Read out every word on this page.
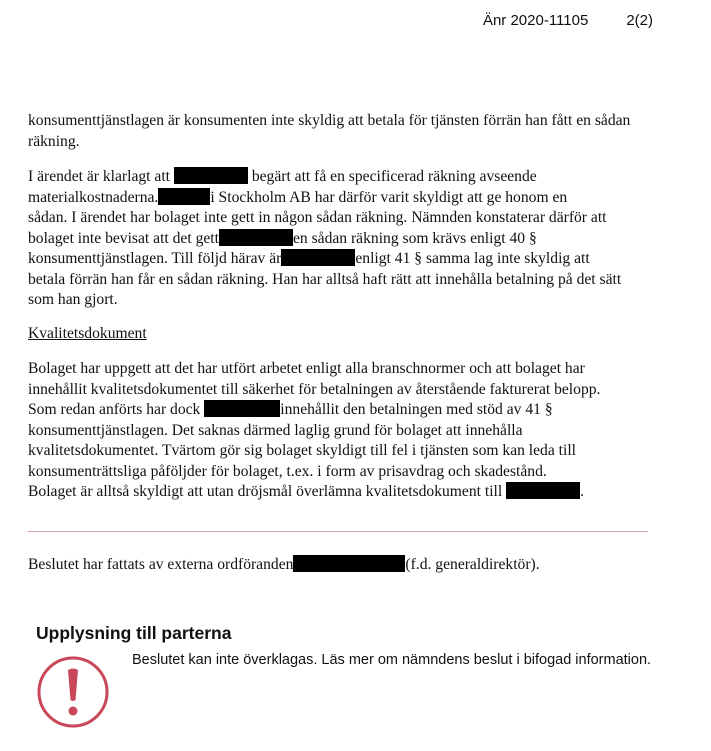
Änr 2020-11105	2(2)

konsumenttjänstlagen är konsumenten inte skyldig att betala för tjänsten förrän han fått en sådan räkning.

I ärendet är klarlagt att	begärt att få en specificerad räkning avseende
materialkostnaderna.	i Stockholm AB har därför varit skyldigt att ge honom en
sådan. I ärendet har bolaget inte gett in någon sådan räkning. Nämnden konstaterar därför att
bolaget inte bevisat att det gett	en sådan räkning som krävs enligt 40 §
konsumenttjänstlagen. Till följd härav är	enligt 41 § samma lag inte skyldig att
betala förrän han får en sådan räkning. Han har alltså haft rätt att innehålla betalning på det sätt
som han gjort.
Kvalitetsdokument
Bolaget har uppgett att det har utfört arbetet enligt alla branschnormer och att bolaget har
innehållit kvalitetsdokumentet till säkerhet för betalningen av återstående fakturerat belopp.
Som redan anförts har dock	innehållit den betalningen med stöd av 41 §
konsumenttjänstlagen. Det saknas därmed laglig grund för bolaget att innehålla
kvalitetsdokumentet. Tvärtom gör sig bolaget skyldigt till fel i tjänsten som kan leda till
konsumenträttsliga påföljder för bolaget, t.ex. i form av prisavdrag och skadestånd.
Bolaget är alltså skyldigt att utan dröjsmål överlämna kvalitetsdokument till	.
Beslutet har fattats av externa ordföranden	(f.d. generaldirektör).
Upplysning till parterna
Beslutet kan inte överklagas. Läs mer om nämndens beslut i bifogad information.
